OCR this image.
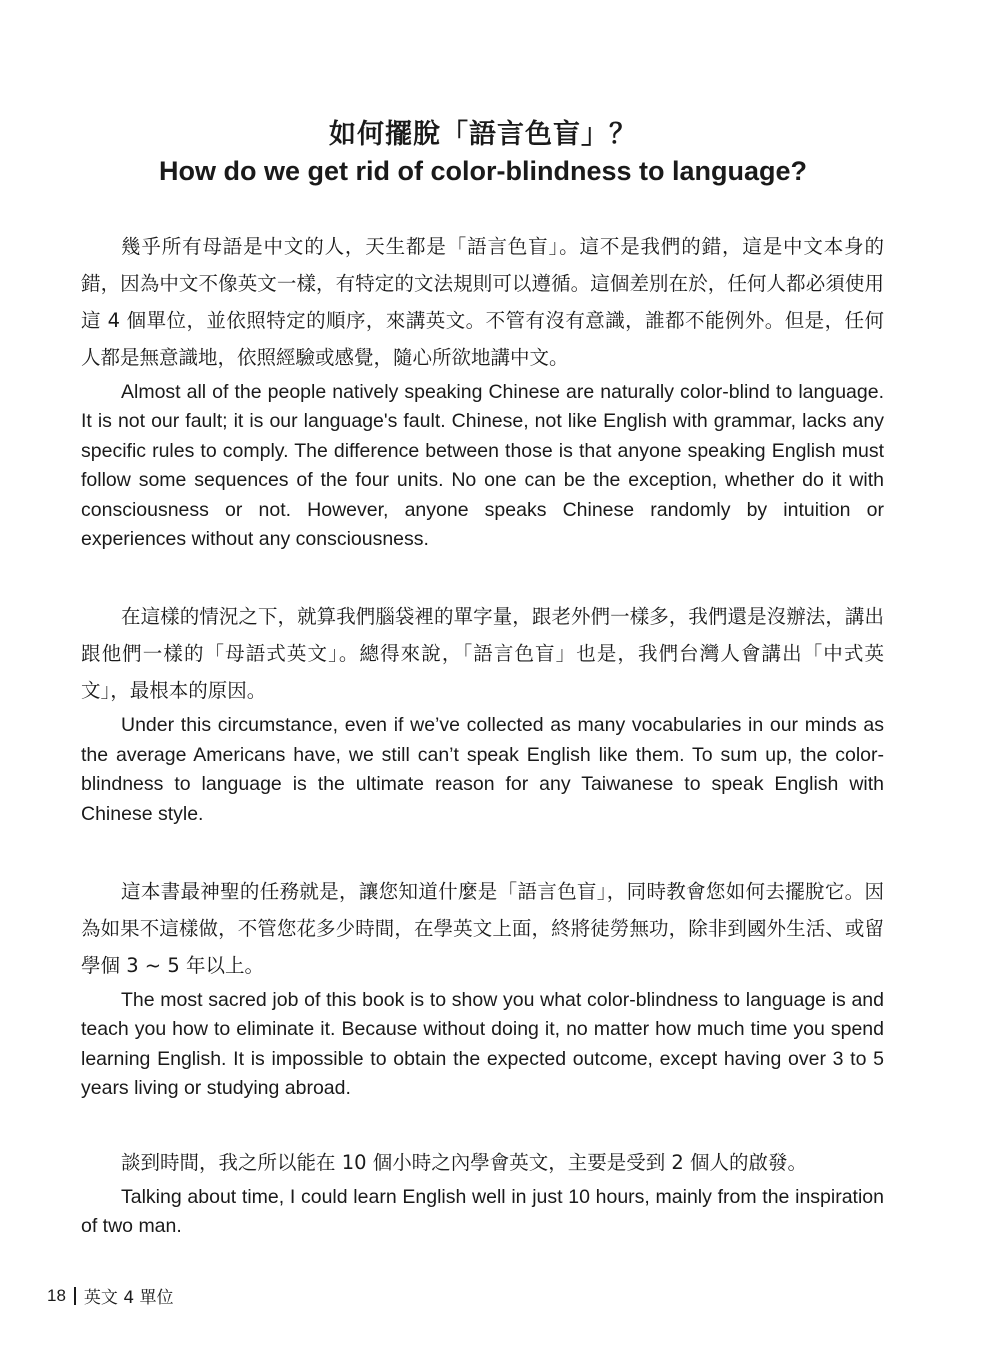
如何擺脫「語言色盲」？
How do we get rid of color-blindness to language?

幾乎所有母語是中文的人，天生都是「語言色盲」。這不是我們的錯，這是中文本身的錯，因為中文不像英文一樣，有特定的文法規則可以遵循。這個差別在於，任何人都必須使用這 4 個單位，並依照特定的順序，來講英文。不管有沒有意識，誰都不能例外。但是，任何人都是無意識地，依照經驗或感覺，隨心所欲地講中文。

Almost all of the people natively speaking Chinese are naturally color-blind to language. It is not our fault; it is our language's fault. Chinese, not like English with grammar, lacks any specific rules to comply. The difference between those is that anyone speaking English must follow some sequences of the four units. No one can be the exception, whether do it with consciousness or not. However, anyone speaks Chinese randomly by intuition or experiences without any consciousness.

在這樣的情況之下，就算我們腦袋裡的單字量，跟老外們一樣多，我們還是沒辦法，講出跟他們一樣的「母語式英文」。總得來說，「語言色盲」也是，我們台灣人會講出「中式英文」，最根本的原因。

Under this circumstance, even if we’ve collected as many vocabularies in our minds as the average Americans have, we still can’t speak English like them. To sum up, the color-blindness to language is the ultimate reason for any Taiwanese to speak English with Chinese style.

這本書最神聖的任務就是，讓您知道什麼是「語言色盲」，同時教會您如何去擺脫它。因為如果不這樣做，不管您花多少時間，在學英文上面，終將徒勞無功，除非到國外生活、或留學個 3 ~ 5 年以上。

The most sacred job of this book is to show you what color-blindness to language is and teach you how to eliminate it. Because without doing it, no matter how much time you spend learning English. It is impossible to obtain the expected outcome, except having over 3 to 5 years living or studying abroad.

談到時間，我之所以能在 10 個小時之內學會英文，主要是受到 2 個人的啟發。

Talking about time, I could learn English well in just 10 hours, mainly from the inspiration of two man.

18 英文 4 單位
